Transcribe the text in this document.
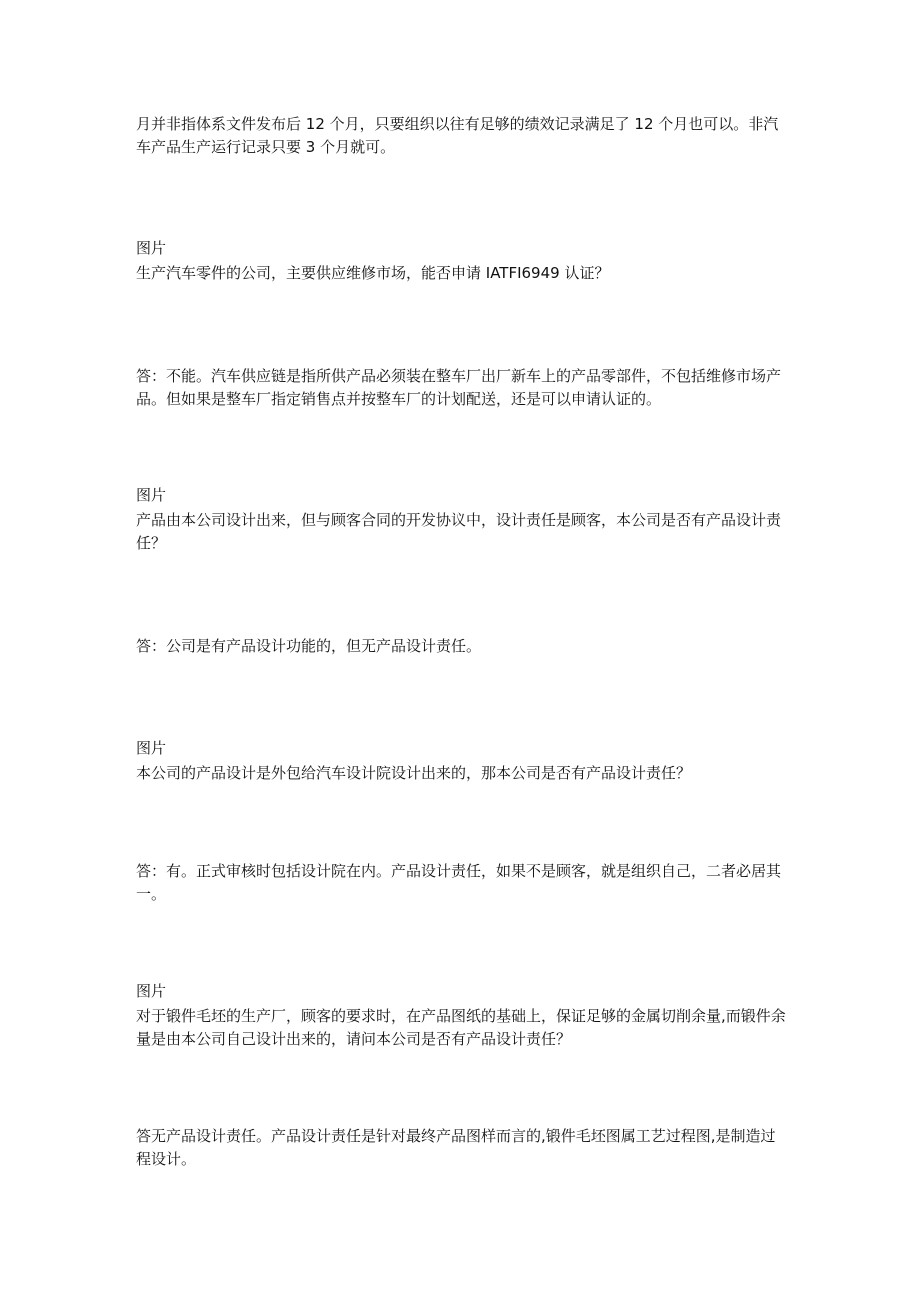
月并非指体系文件发布后 12 个月，只要组织以往有足够的绩效记录满足了 12 个月也可以。非汽车产品生产运行记录只要 3 个月就可。

图片

生产汽车零件的公司，主要供应维修市场，能否申请 IATFI6949 认证？

答：不能。汽车供应链是指所供产品必须装在整车厂出厂新车上的产品零部件，不包括维修市场产品。但如果是整车厂指定销售点并按整车厂的计划配送，还是可以申请认证的。

图片

产品由本公司设计出来，但与顾客合同的开发协议中，设计责任是顾客，本公司是否有产品设计责任？

答：公司是有产品设计功能的，但无产品设计责任。

图片

本公司的产品设计是外包给汽车设计院设计出来的，那本公司是否有产品设计责任？

答：有。正式审核时包括设计院在内。产品设计责任，如果不是顾客，就是组织自己，二者必居其一。

图片

对于锻件毛坯的生产厂，顾客的要求时，在产品图纸的基础上，保证足够的金属切削余量,而锻件余量是由本公司自己设计出来的，请问本公司是否有产品设计责任？

答无产品设计责任。产品设计责任是针对最终产品图样而言的,锻件毛坯图属工艺过程图,是制造过程设计。
